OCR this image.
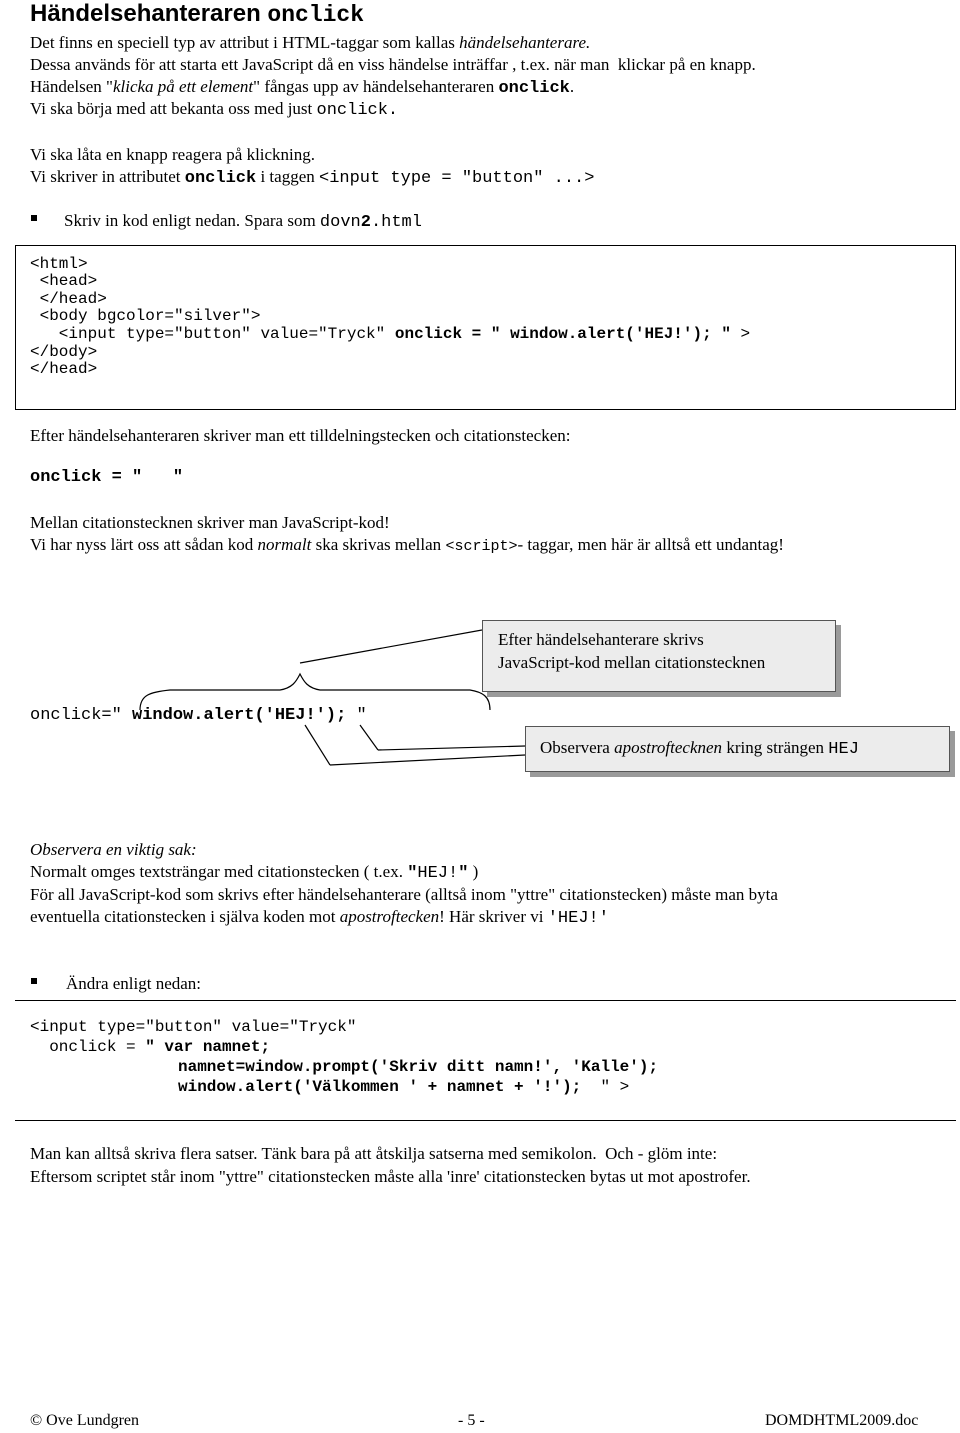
Händelsehanteraren onclick
Det finns en speciell typ av attribut i HTML-taggar som kallas händelsehanterare.
Dessa används för att starta ett JavaScript då en viss händelse inträffar , t.ex. när man  klickar på en knapp.
Händelsen "klicka på ett element" fångas upp av händelsehanteraren onclick.
Vi ska börja med att bekanta oss med just onclick.
Vi ska låta en knapp reagera på klickning.
Vi skriver in attributet onclick i taggen <input type = "button" ...>
Skriv in kod enligt nedan. Spara som dovn2.html
<html>
<head>
</head>
<body bgcolor="silver">
<input type="button" value="Tryck" onclick = " window.alert('HEJ!'); " >
</body>
</head>
Efter händelsehanteraren skriver man ett tilldelningstecken och citationstecken:
onclick = "   "
Mellan citationstecknen skriver man JavaScript-kod!
Vi har nyss lärt oss att sådan kod normalt ska skrivas mellan <script>- taggar, men här är alltså ett undantag!
Efter händelsehanterare skrivs
JavaScript-kod mellan citationstecknen
onclick=" window.alert('HEJ!'); "
Observera apostroftecknen kring strängen HEJ
Observera en viktig sak:
Normalt omges textsträngar med citationstecken ( t.ex. "HEJ!" )
För all JavaScript-kod som skrivs efter händelsehanterare (alltså inom "yttre" citationstecken) måste man byta
eventuella citationstecken i själva koden mot apostroftecken! Här skriver vi 'HEJ!'
Ändra enligt nedan:
<input type="button" value="Tryck"
onclick = " var namnet;
namnet=window.prompt('Skriv ditt namn!', 'Kalle');
window.alert('Välkommen ' + namnet + '!');  " >
Man kan alltså skriva flera satser. Tänk bara på att åtskilja satserna med semikolon.  Och - glöm inte:
Eftersom scriptet står inom "yttre" citationstecken måste alla 'inre' citationstecken bytas ut mot apostrofer.
© Ove Lundgren	- 5 -	DOMDHTML2009.doc
